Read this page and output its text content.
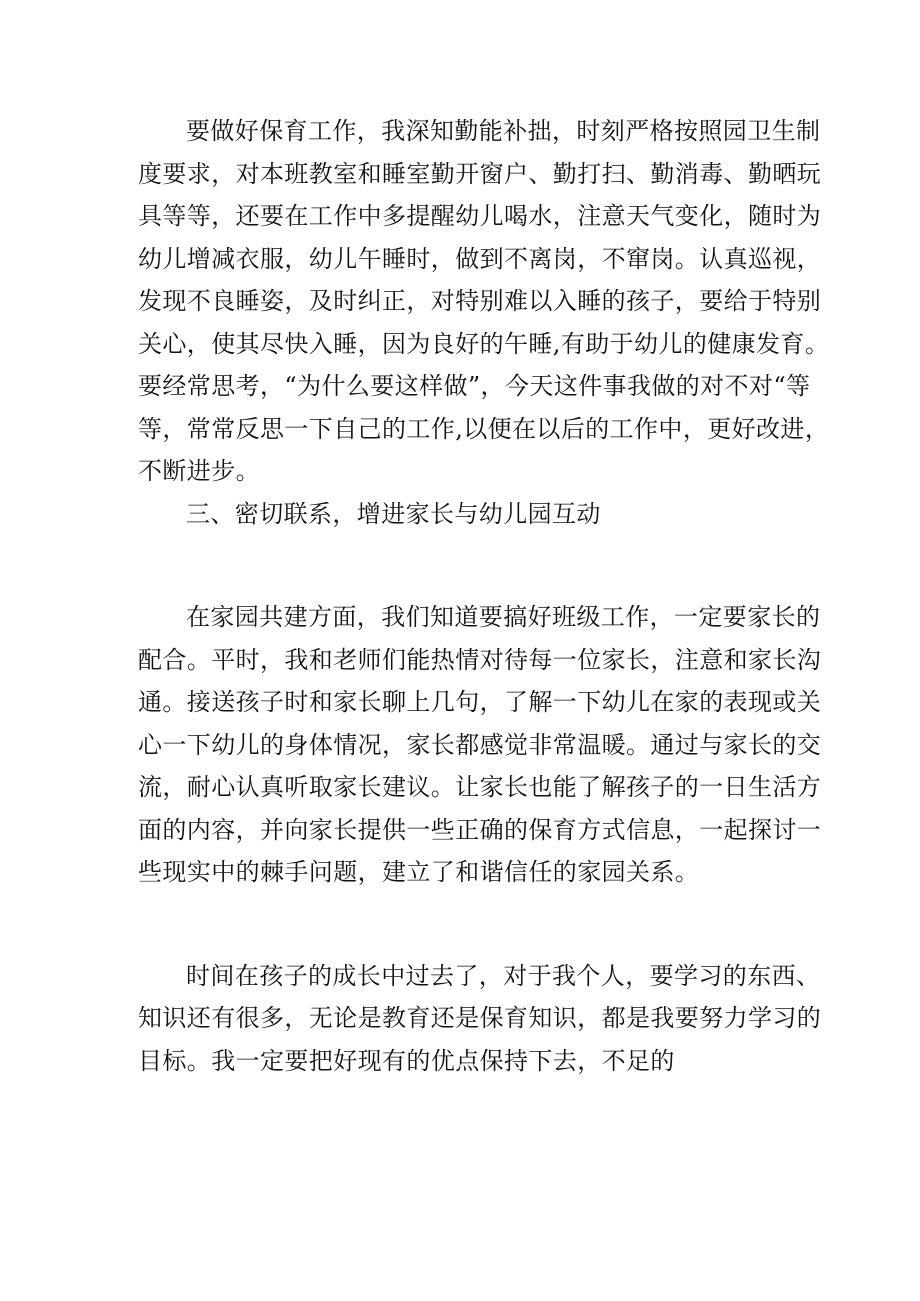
要做好保育工作，我深知勤能补拙，时刻严格按照园卫生制
度要求，对本班教室和睡室勤开窗户、勤打扫、勤消毒、勤晒玩
具等等，还要在工作中多提醒幼儿喝水，注意天气变化，随时为
幼儿增减衣服，幼儿午睡时，做到不离岗，不窜岗。认真巡视，
发现不良睡姿，及时纠正，对特别难以入睡的孩子，要给于特别
关心，使其尽快入睡，因为良好的午睡,有助于幼儿的健康发育。
要经常思考，“为什么要这样做”，今天这件事我做的对不对“等
等，常常反思一下自己的工作,以便在以后的工作中，更好改进，
不断进步。

三、密切联系，增进家长与幼儿园互动

在家园共建方面，我们知道要搞好班级工作，一定要家长的
配合。平时，我和老师们能热情对待每一位家长，注意和家长沟
通。接送孩子时和家长聊上几句，了解一下幼儿在家的表现或关
心一下幼儿的身体情况，家长都感觉非常温暖。通过与家长的交
流，耐心认真听取家长建议。让家长也能了解孩子的一日生活方
面的内容，并向家长提供一些正确的保育方式信息，一起探讨一
些现实中的棘手问题，建立了和谐信任的家园关系。

时间在孩子的成长中过去了，对于我个人，要学习的东西、
知识还有很多，无论是教育还是保育知识，都是我要努力学习的
目标。我一定要把好现有的优点保持下去，不足的
